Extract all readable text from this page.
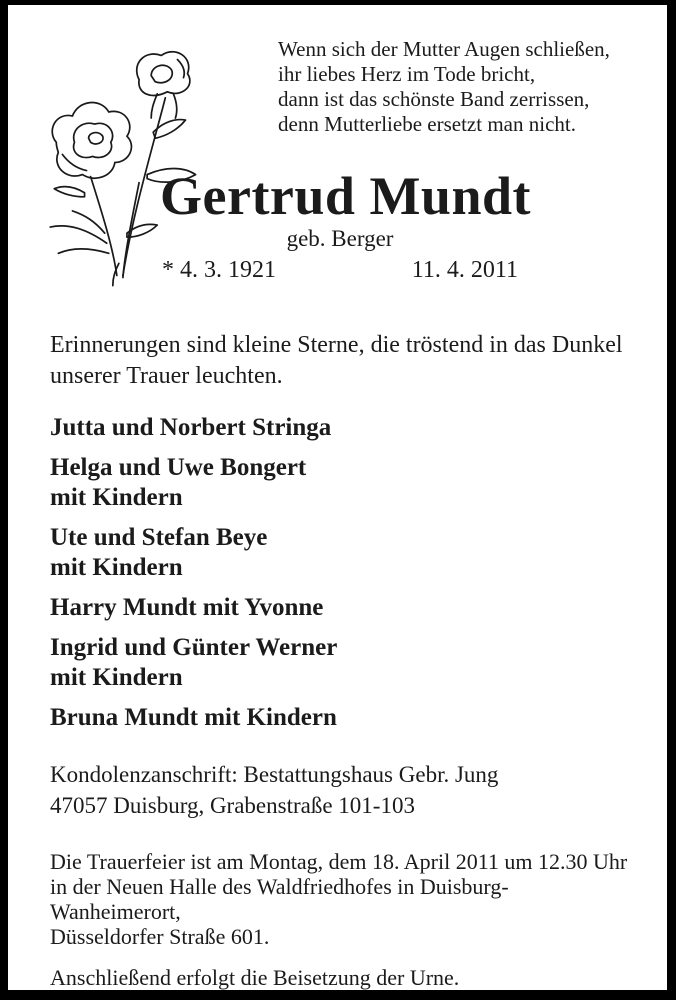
Wenn sich der Mutter Augen schließen,
ihr liebes Herz im Tode bricht,
dann ist das schönste Band zerrissen,
denn Mutterliebe ersetzt man nicht.
Gertrud Mundt
geb. Berger
* 4. 3. 1921	11. 4. 2011

Erinnerungen sind kleine Sterne, die tröstend in das Dunkel
unserer Trauer leuchten.

Jutta und Norbert Stringa
Helga und Uwe Bongert
mit Kindern
Ute und Stefan Beye
mit Kindern
Harry Mundt mit Yvonne
Ingrid und Günter Werner
mit Kindern
Bruna Mundt mit Kindern

Kondolenzanschrift: Bestattungshaus Gebr. Jung
47057 Duisburg, Grabenstraße 101-103

Die Trauerfeier ist am Montag, dem 18. April 2011 um 12.30 Uhr
in der Neuen Halle des Waldfriedhofes in Duisburg-Wanheimerort,
Düsseldorfer Straße 601.

Anschließend erfolgt die Beisetzung der Urne.
